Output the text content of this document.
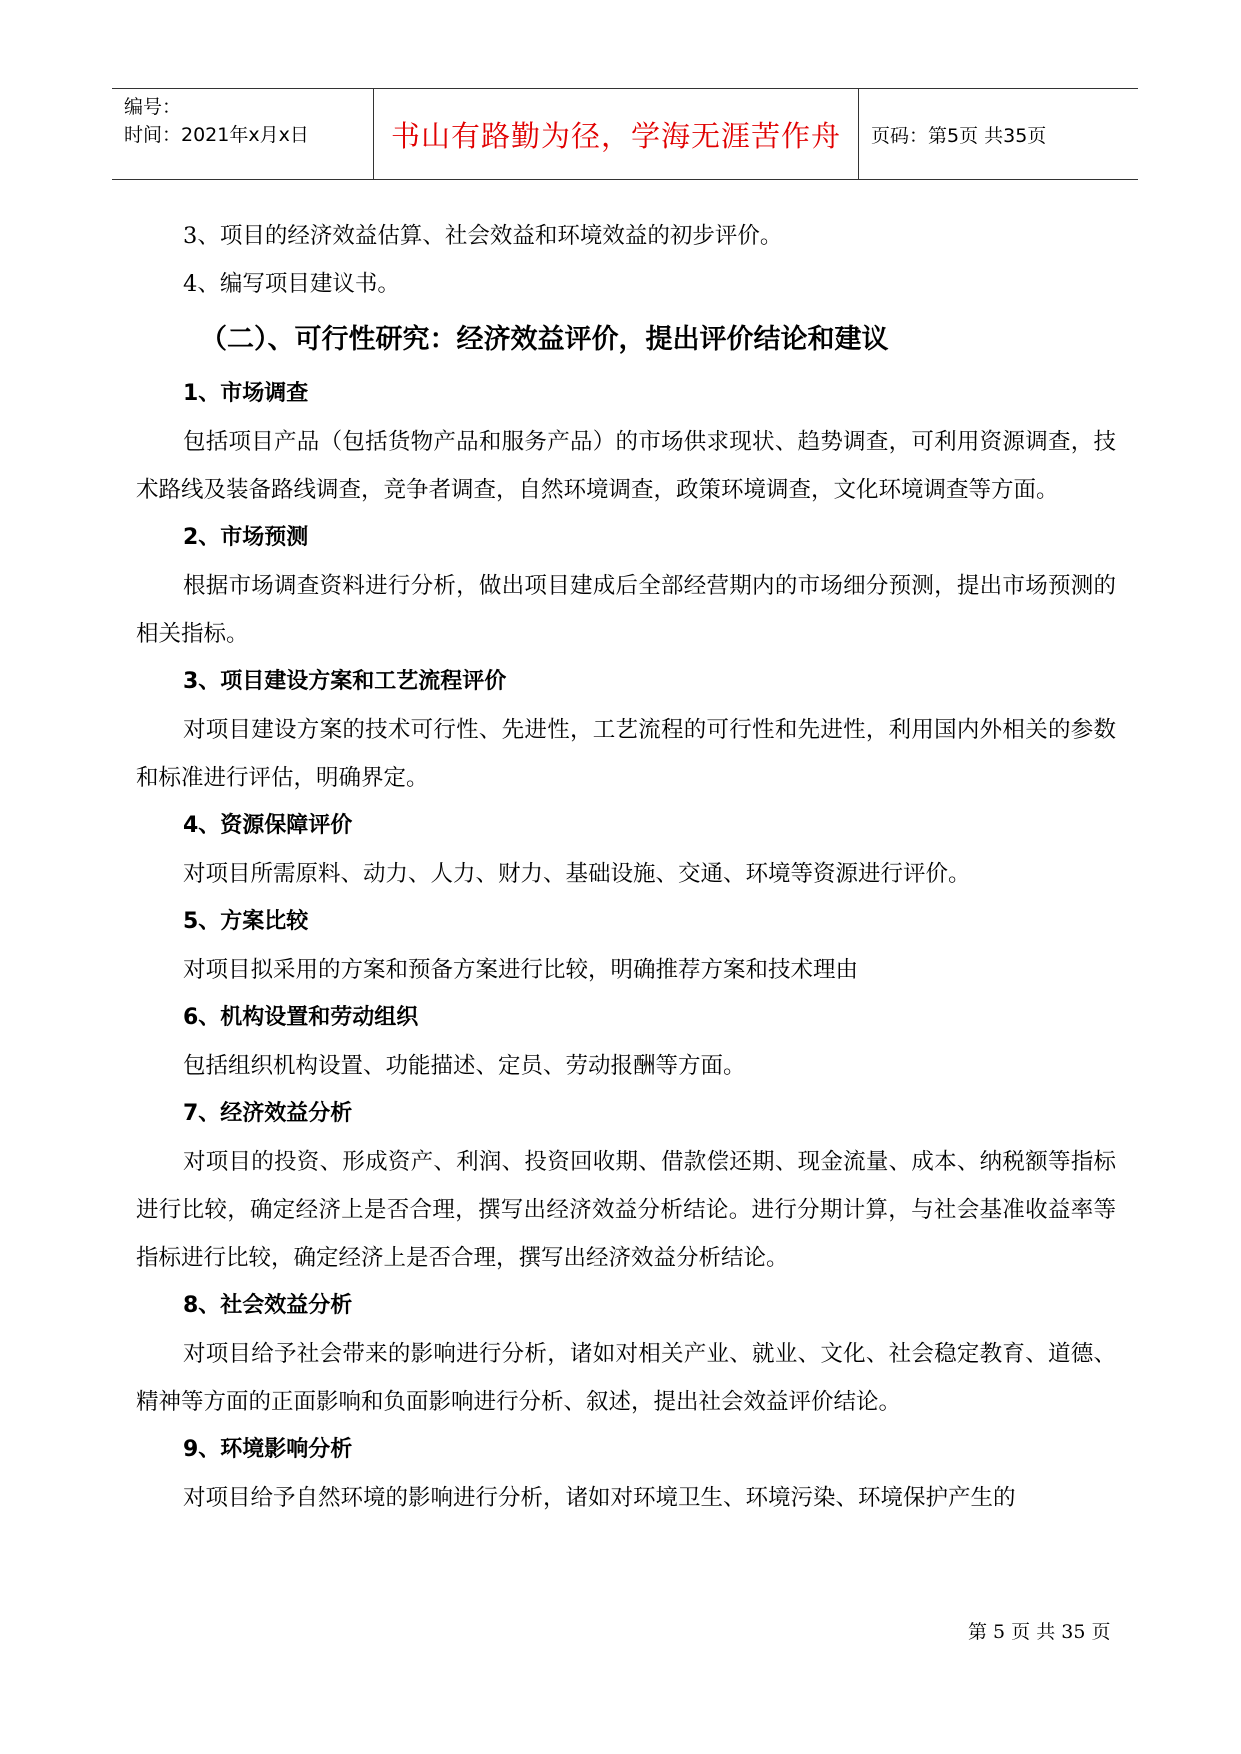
编号：
时间：2021年x月x日	书山有路勤为径，学海无涯苦作舟	页码：第5页 共35页

3、项目的经济效益估算、社会效益和环境效益的初步评价。

4、编写项目建议书。

（二）、可行性研究：经济效益评价，提出评价结论和建议
1、市场调查

包括项目产品（包括货物产品和服务产品）的市场供求现状、趋势调查，可利用资源调查，技术路线及装备路线调查，竞争者调查，自然环境调查，政策环境调查，文化环境调查等方面。

2、市场预测

根据市场调查资料进行分析，做出项目建成后全部经营期内的市场细分预测，提出市场预测的相关指标。

3、项目建设方案和工艺流程评价

对项目建设方案的技术可行性、先进性，工艺流程的可行性和先进性，利用国内外相关的参数和标准进行评估，明确界定。

4、资源保障评价

对项目所需原料、动力、人力、财力、基础设施、交通、环境等资源进行评价。

5、方案比较

对项目拟采用的方案和预备方案进行比较，明确推荐方案和技术理由

6、机构设置和劳动组织

包括组织机构设置、功能描述、定员、劳动报酬等方面。

7、经济效益分析

对项目的投资、形成资产、利润、投资回收期、借款偿还期、现金流量、成本、纳税额等指标进行比较，确定经济上是否合理，撰写出经济效益分析结论。进行分期计算，与社会基准收益率等指标进行比较，确定经济上是否合理，撰写出经济效益分析结论。

8、社会效益分析

对项目给予社会带来的影响进行分析，诸如对相关产业、就业、文化、社会稳定教育、道德、精神等方面的正面影响和负面影响进行分析、叙述，提出社会效益评价结论。

9、环境影响分析

对项目给予自然环境的影响进行分析，诸如对环境卫生、环境污染、环境保护产生的

第 5 页 共 35 页
